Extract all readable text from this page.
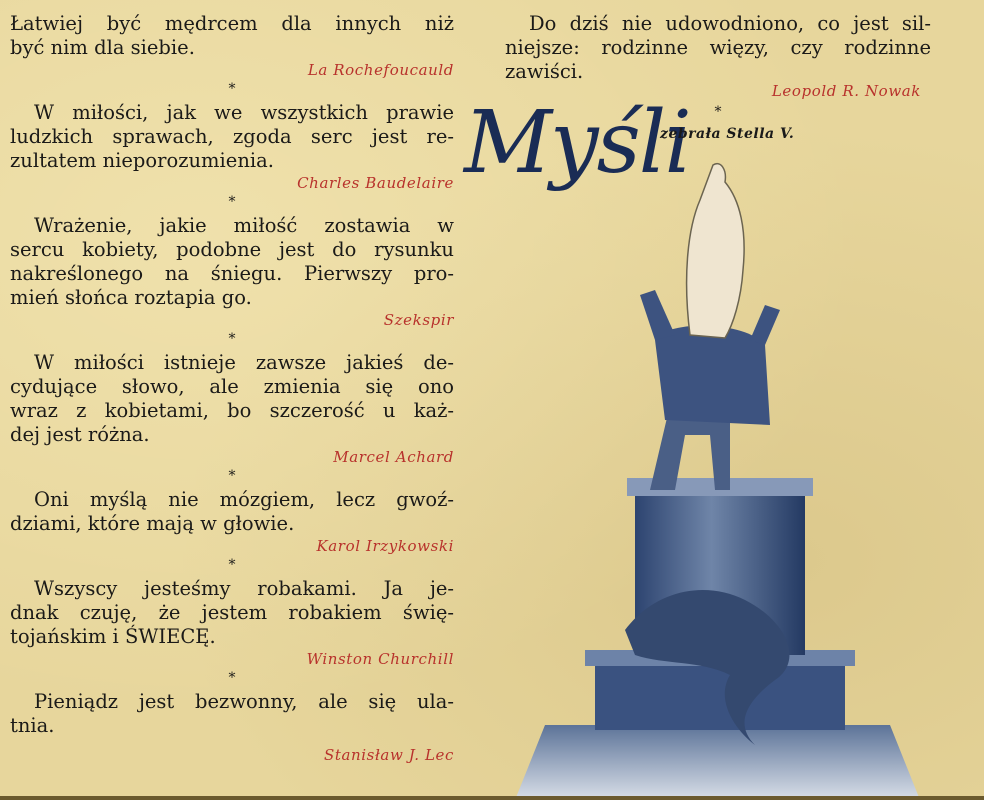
Łatwiej być mędrcem dla innych niż
być nim dla siebie.

La Rochefoucauld

*

W miłości, jak we wszystkich prawie
ludzkich sprawach, zgoda serc jest re-
zultatem nieporozumienia.

Charles Baudelaire

*

Wrażenie, jakie miłość zostawia w
sercu kobiety, podobne jest do rysunku
nakreślonego na śniegu. Pierwszy pro-
mień słońca roztapia go.

Szekspir

*

W miłości istnieje zawsze jakieś de-
cydujące słowo, ale zmienia się ono
wraz z kobietami, bo szczerość u każ-
dej jest różna.

Marcel Achard

*

Oni myślą nie mózgiem, lecz gwoź-
dziami, które mają w głowie.

Karol Irzykowski

*

Wszyscy jesteśmy robakami. Ja je-
dnak czuję, że jestem robakiem świę-
tojańskim i ŚWIECĘ.

Winston Churchill

*

Pieniądz jest bezwonny, ale się ula-
tnia.

Stanisław J. Lec

Do dziś nie udowodniono, co jest sil-
niejsze: rodzinne więzy, czy rodzinne
zawiści.

Leopold R. Nowak

*
Myśli
zebrała Stella V.
